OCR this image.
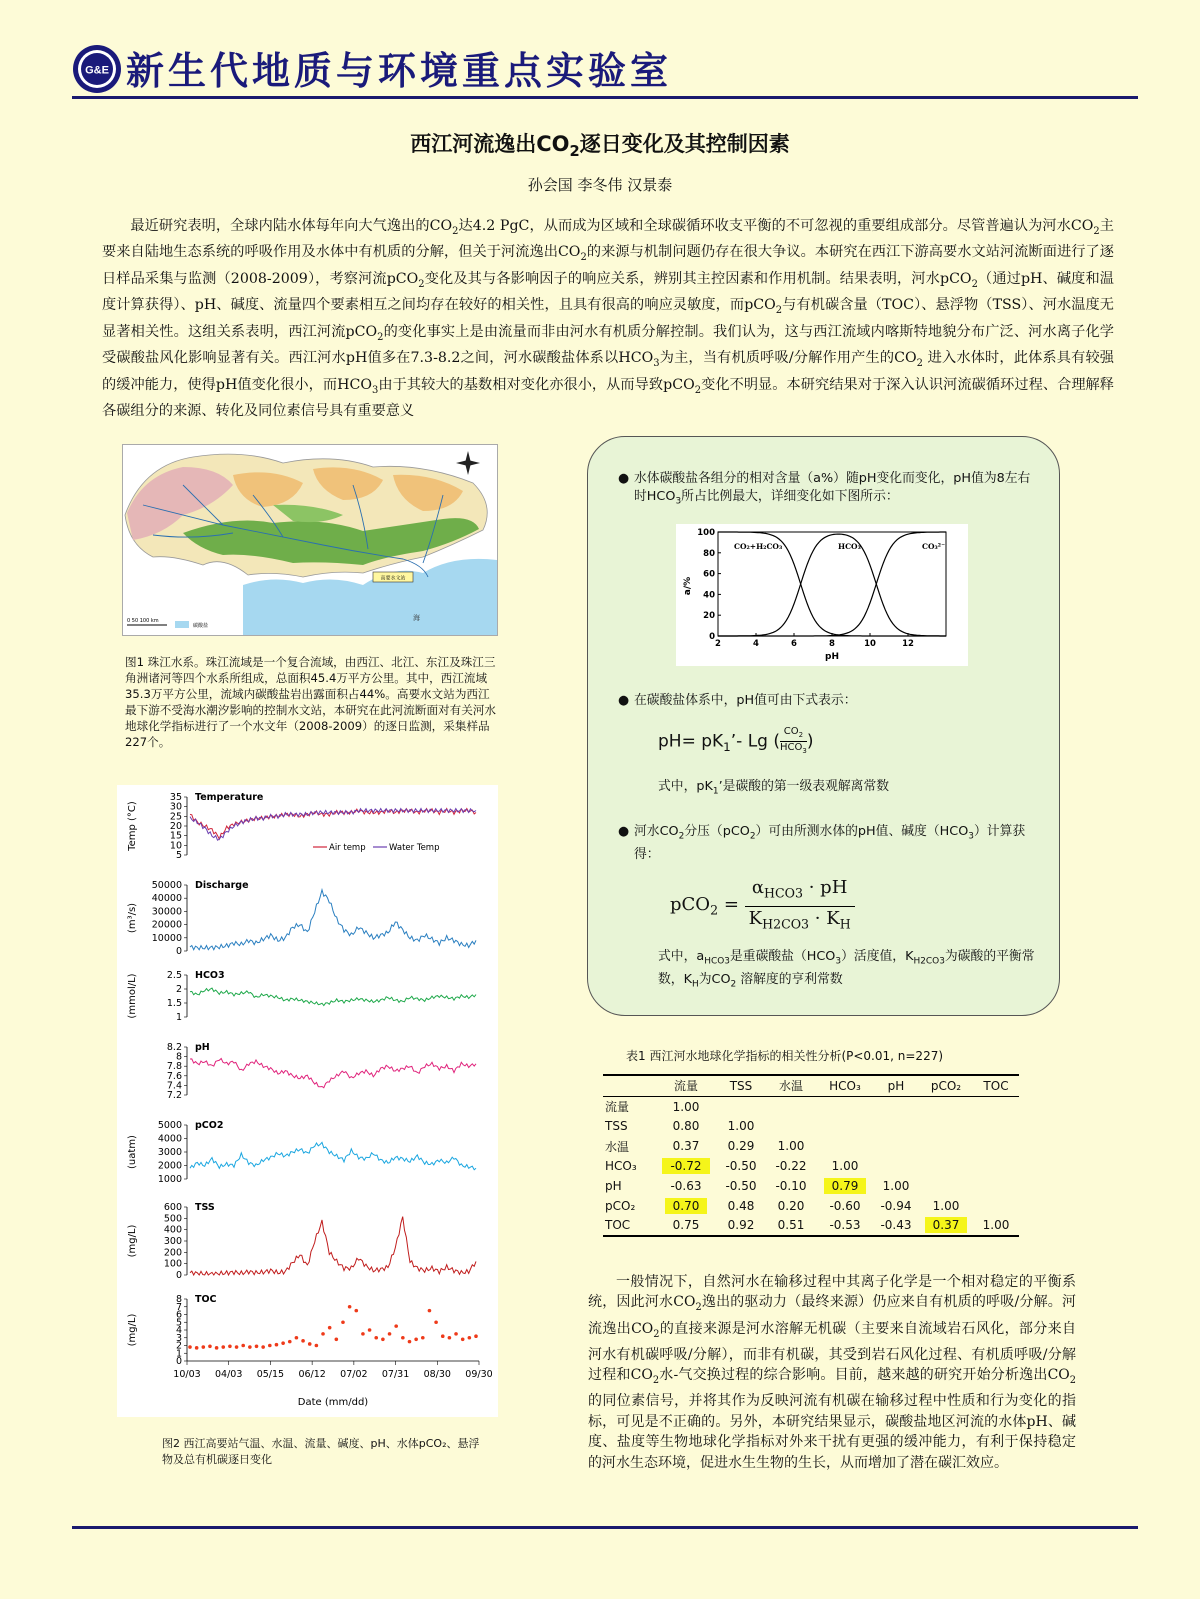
G&E 新生代地质与环境重点实验室
西江河流逸出$CO_2$逐日变化及其控制因素
孙会国 李冬伟 汉景泰

最近研究表明，全球内陆水体每年向大气逸出的$CO_2$达4.2 PgC，从而成为区域和全球碳循环收支平衡的不可忽视的重要组成部分。尽管普遍认为河水$CO_2$主要来自陆地生态系统的呼吸作用及水体中有机质的分解，但关于河流逸出$CO_2$的来源与机制问题仍存在很大争议。本研究在西江下游高要水文站河流断面进行了逐日样品采集与监测（2008-2009），考察河流pCO$_2$变化及其与各影响因子的响应关系，辨别其主控因素和作用机制。结果表明，河水pCO$_2$（通过pH、碱度和温度计算获得）、pH、碱度、流量四个要素相互之间均存在较好的相关性，且具有很高的响应灵敏度，而pCO$_2$与有机碳含量（TOC）、悬浮物（TSS）、河水温度无显著相关性。这组关系表明，西江河流pCO$_2$的变化事实上是由流量而非由河水有机质分解控制。我们认为，这与西江流域内喀斯特地貌分布广泛、河水离子化学受碳酸盐风化影响显著有关。西江河水pH值多在7.3-8.2之间，河水碳酸盐体系以$HCO_3$为主，当有机质呼吸/分解作用产生的$CO_2$ 进入水体时，此体系具有较强的缓冲能力，使得pH值变化很小，而$HCO_3$由于其较大的基数相对变化亦很小，从而导致pCO$_2$变化不明显。本研究结果对于深入认识河流碳循环过程、合理解释各碳组分的来源、转化及同位素信号具有重要意义

高要水文站
海
0 50 100 km
碳酸盐
图1 珠江水系。珠江流域是一个复合流域，由西江、北江、东江及珠江三角洲诸河等四个水系所组成，总面积45.4万平方公里。其中，西江流域35.3万平方公里，流域内碳酸盐岩出露面积占44%。高要水文站为西江最下游不受海水潮汐影响的控制水文站，本研究在此河流断面对有关河水地球化学指标进行了一个水文年（2008-2009）的逐日监测，采集样品227个。
35
30
25
20
15
10
5
Temperature
Temp (°C)
50000
40000
30000
20000
10000
0
Discharge
(m³/s)
2.5
2
1.5
1
HCO3
(mmol/L)
8.2
8
7.8
7.6
7.4
7.2
pH
5000
4000
3000
2000
1000
pCO2
(uatm)
600
500
400
300
200
100
0
TSS
(mg/L)
8
7
6
5
4
3
2
1
0
TOC
(mg/L)
Air temp	Water Temp
10/03 04/03 05/15 06/12 07/02 07/31 08/30 09/30
Date (mm/dd)
图2 西江高要站气温、水温、流量、碱度、pH、水体pCO₂、悬浮物及总有机碳逐日变化
● 水体碳酸盐各组分的相对含量（a%）随pH变化而变化，pH值为8左右时$HCO_3$所占比例最大，详细变化如下图所示：
100
80
60
40
20
0
2	4	6	8	10	12
pH
a/%
CO₂+H₂CO₃	HCO₃	CO₃²⁻
● 在碳酸盐体系中，pH值可由下式表示：
$pH= pK_1’-$ Lg ( $CO_2$
$HCO_3$ )
式中，$pK_1$’是碳酸的第一级表观解离常数
● 河水$CO_2$分压（pCO$_2$）可由所测水体的pH值、碱度$(HCO_3)$计算获得：
pCO$_2$ =
$\alpha_{HCO3}$ · pH
$K_{H2CO3} \cdot K_H$
式中，$a_{HCO3}$是重碳酸盐$(HCO_3)$活度值，$K_{H2CO3}$为碳酸的平衡常数，$K_H$为$CO_2$ 溶解度的亨利常数
表1 西江河水地球化学指标的相关性分析(P<0.01, n=227)
	流量	TSS	水温	HCO₃	pH	pCO₂	TOC
流量	1.00						
TSS	0.80	1.00					
水温	0.37	0.29	1.00				
HCO₃	-0.72	-0.50	-0.22	1.00			
pH	-0.63	-0.50	-0.10	0.79	1.00		
pCO₂	0.70	0.48	0.20	-0.60	-0.94	1.00	
TOC	0.75	0.92	0.51	-0.53	-0.43	0.37	1.00

一般情况下，自然河水在输移过程中其离子化学是一个相对稳定的平衡系统，因此河水$CO_2$逸出的驱动力（最终来源）仍应来自有机质的呼吸/分解。河流逸出$CO_2$的直接来源是河水溶解无机碳（主要来自流域岩石风化，部分来自河水有机碳呼吸/分解），而非有机碳，其受到岩石风化过程、有机质呼吸/分解过程和$CO_2$水-气交换过程的综合影响。目前，越来越的研究开始分析逸出$CO_2$的同位素信号，并将其作为反映河流有机碳在输移过程中性质和行为变化的指标，可见是不正确的。另外，本研究结果显示，碳酸盐地区河流的水体pH、碱度、盐度等生物地球化学指标对外来干扰有更强的缓冲能力，有利于保持稳定的河水生态环境，促进水生生物的生长，从而增加了潜在碳汇效应。
